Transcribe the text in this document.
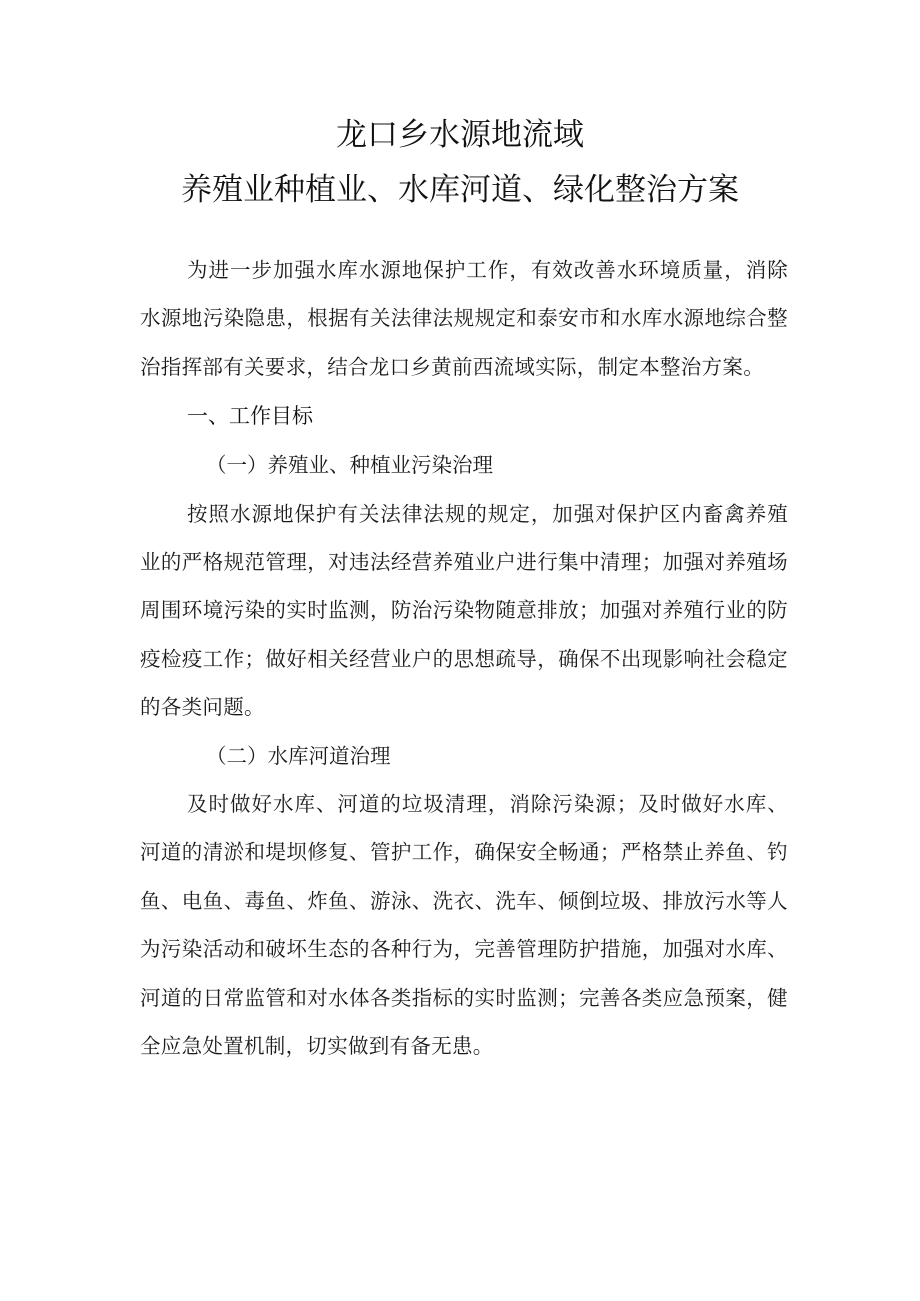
龙口乡水源地流域
养殖业种植业、水库河道、绿化整治方案

为进一步加强水库水源地保护工作，有效改善水环境质量，消除水源地污染隐患，根据有关法律法规规定和泰安市和水库水源地综合整治指挥部有关要求，结合龙口乡黄前西流域实际，制定本整治方案。

一、工作目标

（一）养殖业、种植业污染治理

按照水源地保护有关法律法规的规定，加强对保护区内畜禽养殖业的严格规范管理，对违法经营养殖业户进行集中清理；加强对养殖场周围环境污染的实时监测，防治污染物随意排放；加强对养殖行业的防疫检疫工作；做好相关经营业户的思想疏导，确保不出现影响社会稳定的各类问题。

（二）水库河道治理

及时做好水库、河道的垃圾清理，消除污染源；及时做好水库、河道的清淤和堤坝修复、管护工作，确保安全畅通；严格禁止养鱼、钓鱼、电鱼、毒鱼、炸鱼、游泳、洗衣、洗车、倾倒垃圾、排放污水等人为污染活动和破坏生态的各种行为，完善管理防护措施，加强对水库、河道的日常监管和对水体各类指标的实时监测；完善各类应急预案，健全应急处置机制，切实做到有备无患。
